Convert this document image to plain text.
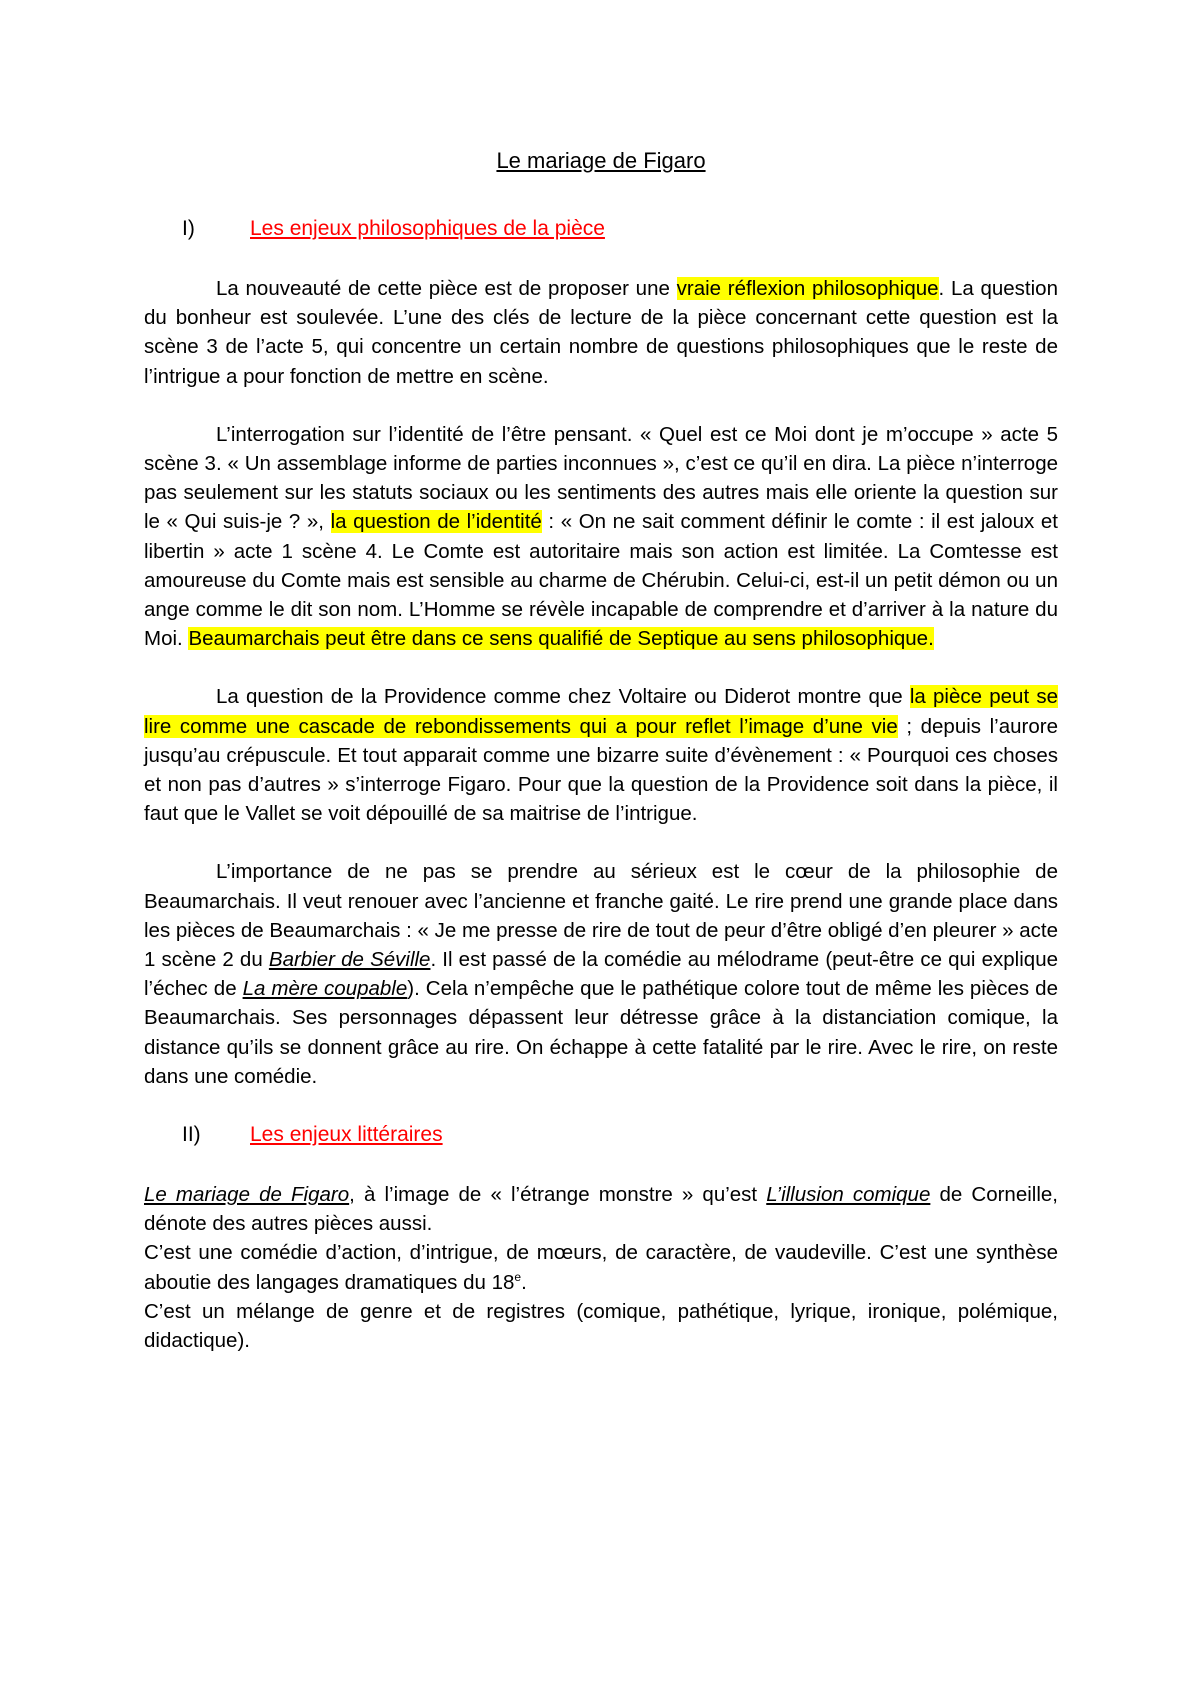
Le mariage de Figaro
I)	Les enjeux philosophiques de la pièce

La nouveauté de cette pièce est de proposer une vraie réflexion philosophique. La question du bonheur est soulevée. L’une des clés de lecture de la pièce concernant cette question est la scène 3 de l’acte 5, qui concentre un certain nombre de questions philosophiques que le reste de l’intrigue a pour fonction de mettre en scène.

L’interrogation sur l’identité de l’être pensant. « Quel est ce Moi dont je m’occupe » acte 5 scène 3. « Un assemblage informe de parties inconnues », c’est ce qu’il en dira. La pièce n’interroge pas seulement sur les statuts sociaux ou les sentiments des autres mais elle oriente la question sur le « Qui suis-je ? », la question de l’identité : « On ne sait comment définir le comte : il est jaloux et libertin » acte 1 scène 4. Le Comte est autoritaire mais son action est limitée. La Comtesse est amoureuse du Comte mais est sensible au charme de Chérubin. Celui-ci, est-il un petit démon ou un ange comme le dit son nom. L’Homme se révèle incapable de comprendre et d’arriver à la nature du Moi. Beaumarchais peut être dans ce sens qualifié de Septique au sens philosophique.

La question de la Providence comme chez Voltaire ou Diderot montre que la pièce peut se lire comme une cascade de rebondissements qui a pour reflet l’image d’une vie ; depuis l’aurore jusqu’au crépuscule. Et tout apparait comme une bizarre suite d’évènement : « Pourquoi ces choses et non pas d’autres » s’interroge Figaro. Pour que la question de la Providence soit dans la pièce, il faut que le Vallet se voit dépouillé de sa maitrise de l’intrigue.

L’importance de ne pas se prendre au sérieux est le cœur de la philosophie de Beaumarchais. Il veut renouer avec l’ancienne et franche gaité. Le rire prend une grande place dans les pièces de Beaumarchais : « Je me presse de rire de tout de peur d’être obligé d’en pleurer » acte 1 scène 2 du Barbier de Séville. Il est passé de la comédie au mélodrame (peut-être ce qui explique l’échec de La mère coupable). Cela n’empêche que le pathétique colore tout de même les pièces de Beaumarchais. Ses personnages dépassent leur détresse grâce à la distanciation comique, la distance qu’ils se donnent grâce au rire. On échappe à cette fatalité par le rire. Avec le rire, on reste dans une comédie.

II)	Les enjeux littéraires

Le mariage de Figaro, à l’image de « l’étrange monstre » qu’est L’illusion comique de Corneille, dénote des autres pièces aussi.

C’est une comédie d’action, d’intrigue, de mœurs, de caractère, de vaudeville. C’est une synthèse aboutie des langages dramatiques du 18e.

C’est un mélange de genre et de registres (comique, pathétique, lyrique, ironique, polémique, didactique).
